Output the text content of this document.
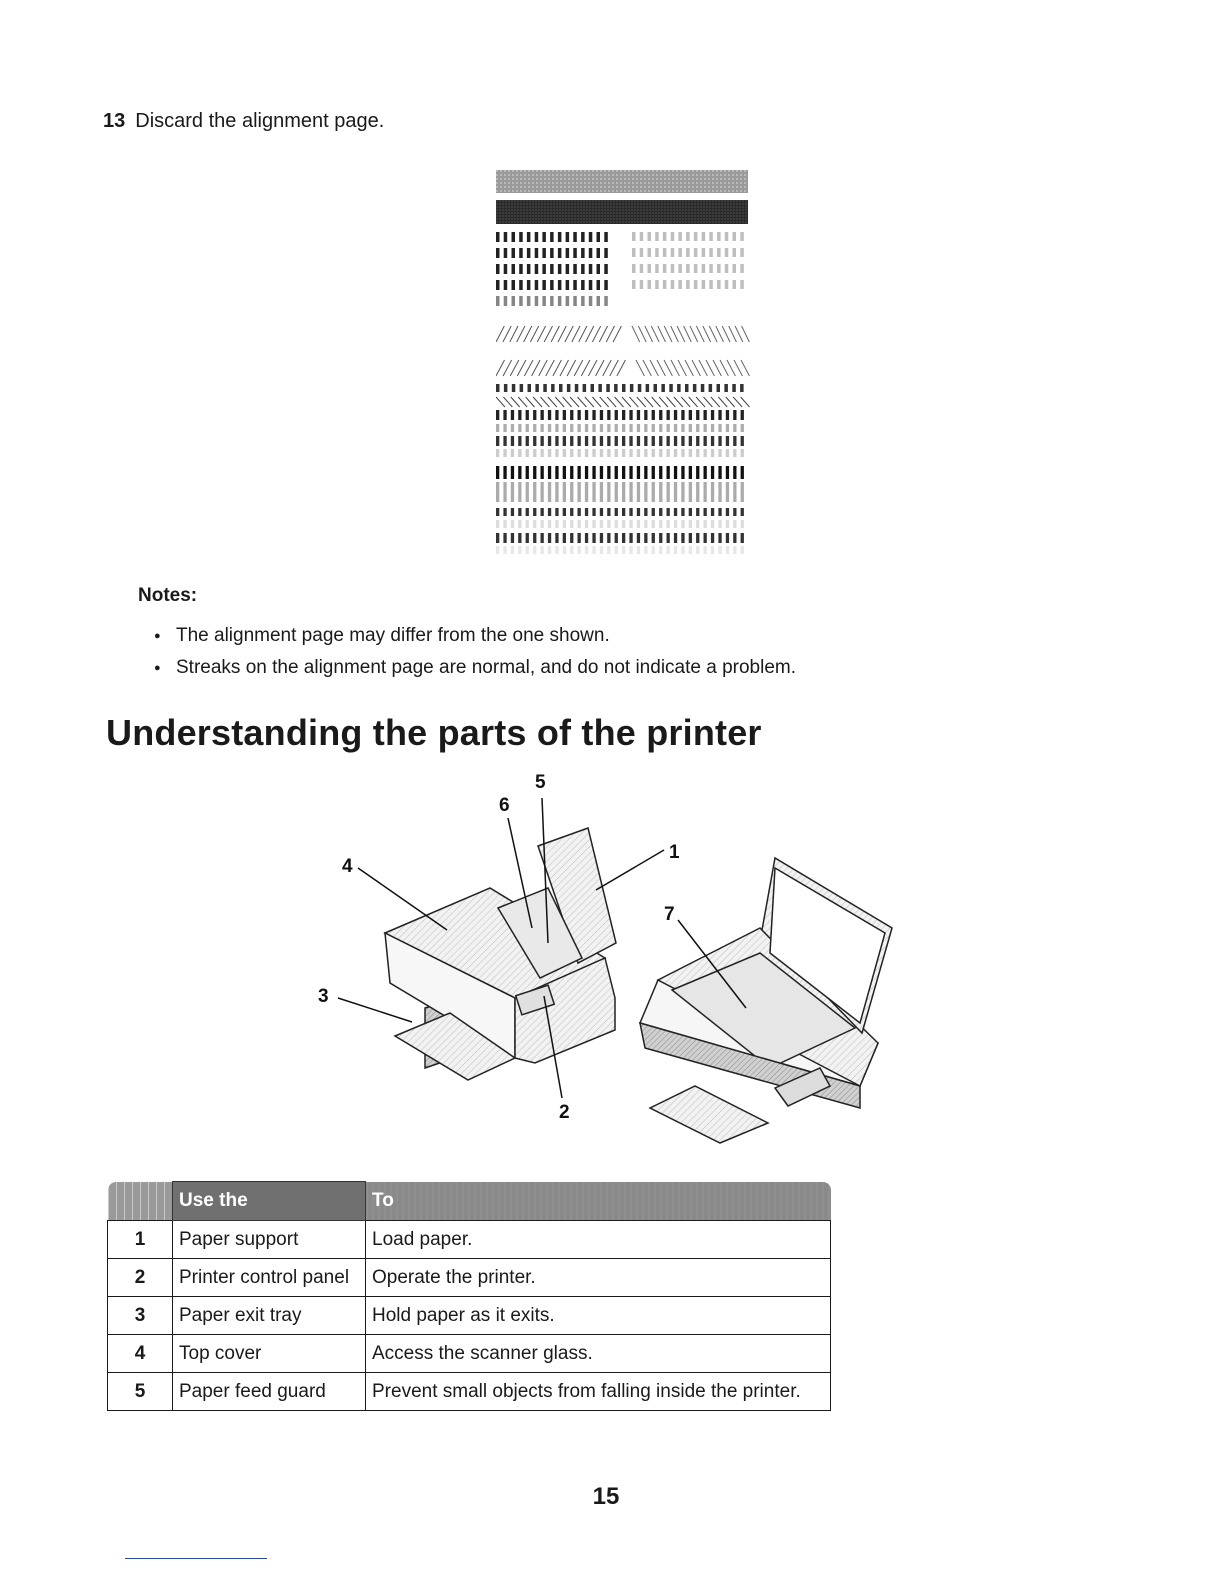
13 Discard the alignment page.
Notes:
● The alignment page may differ from the one shown.
● Streaks on the alignment page are normal, and do not indicate a problem.
Understanding the parts of the printer
5
6
1
4
7
3
2
	Use the	To
1	Paper support	Load paper.
2	Printer control panel	Operate the printer.
3	Paper exit tray	Hold paper as it exits.
4	Top cover	Access the scanner glass.
5	Paper feed guard	Prevent small objects from falling inside the printer.
15
